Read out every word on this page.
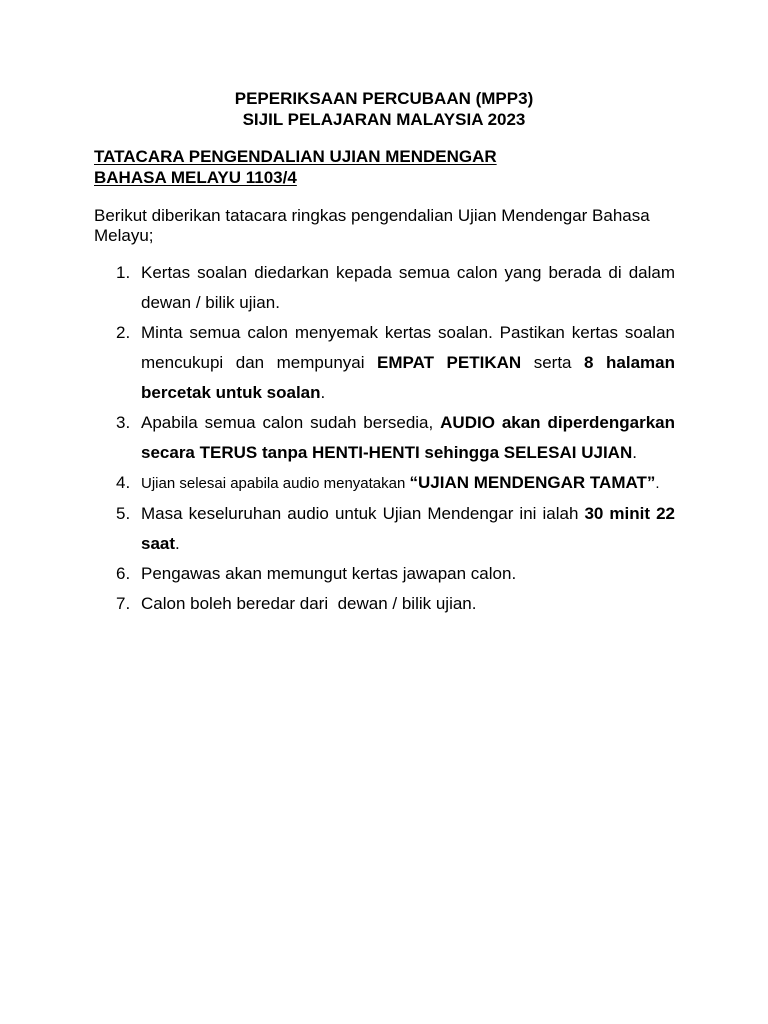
PEPERIKSAAN PERCUBAAN (MPP3)

SIJIL PELAJARAN MALAYSIA 2023

TATACARA PENGENDALIAN UJIAN MENDENGAR

BAHASA MELAYU 1103/4

Berikut diberikan tatacara ringkas pengendalian Ujian Mendengar Bahasa Melayu;

1. Kertas soalan diedarkan kepada semua calon yang berada di dalam dewan / bilik ujian.
2. Minta semua calon menyemak kertas soalan. Pastikan kertas soalan mencukupi dan mempunyai EMPAT PETIKAN serta 8 halaman bercetak untuk soalan.
3. Apabila semua calon sudah bersedia, AUDIO akan diperdengarkan secara TERUS tanpa HENTI-HENTI sehingga SELESAI UJIAN.
4. Ujian selesai apabila audio menyatakan “UJIAN MENDENGAR TAMAT”.
5. Masa keseluruhan audio untuk Ujian Mendengar ini ialah 30 minit 22 saat.
6. Pengawas akan memungut kertas jawapan calon.
7. Calon boleh beredar dari  dewan / bilik ujian.
